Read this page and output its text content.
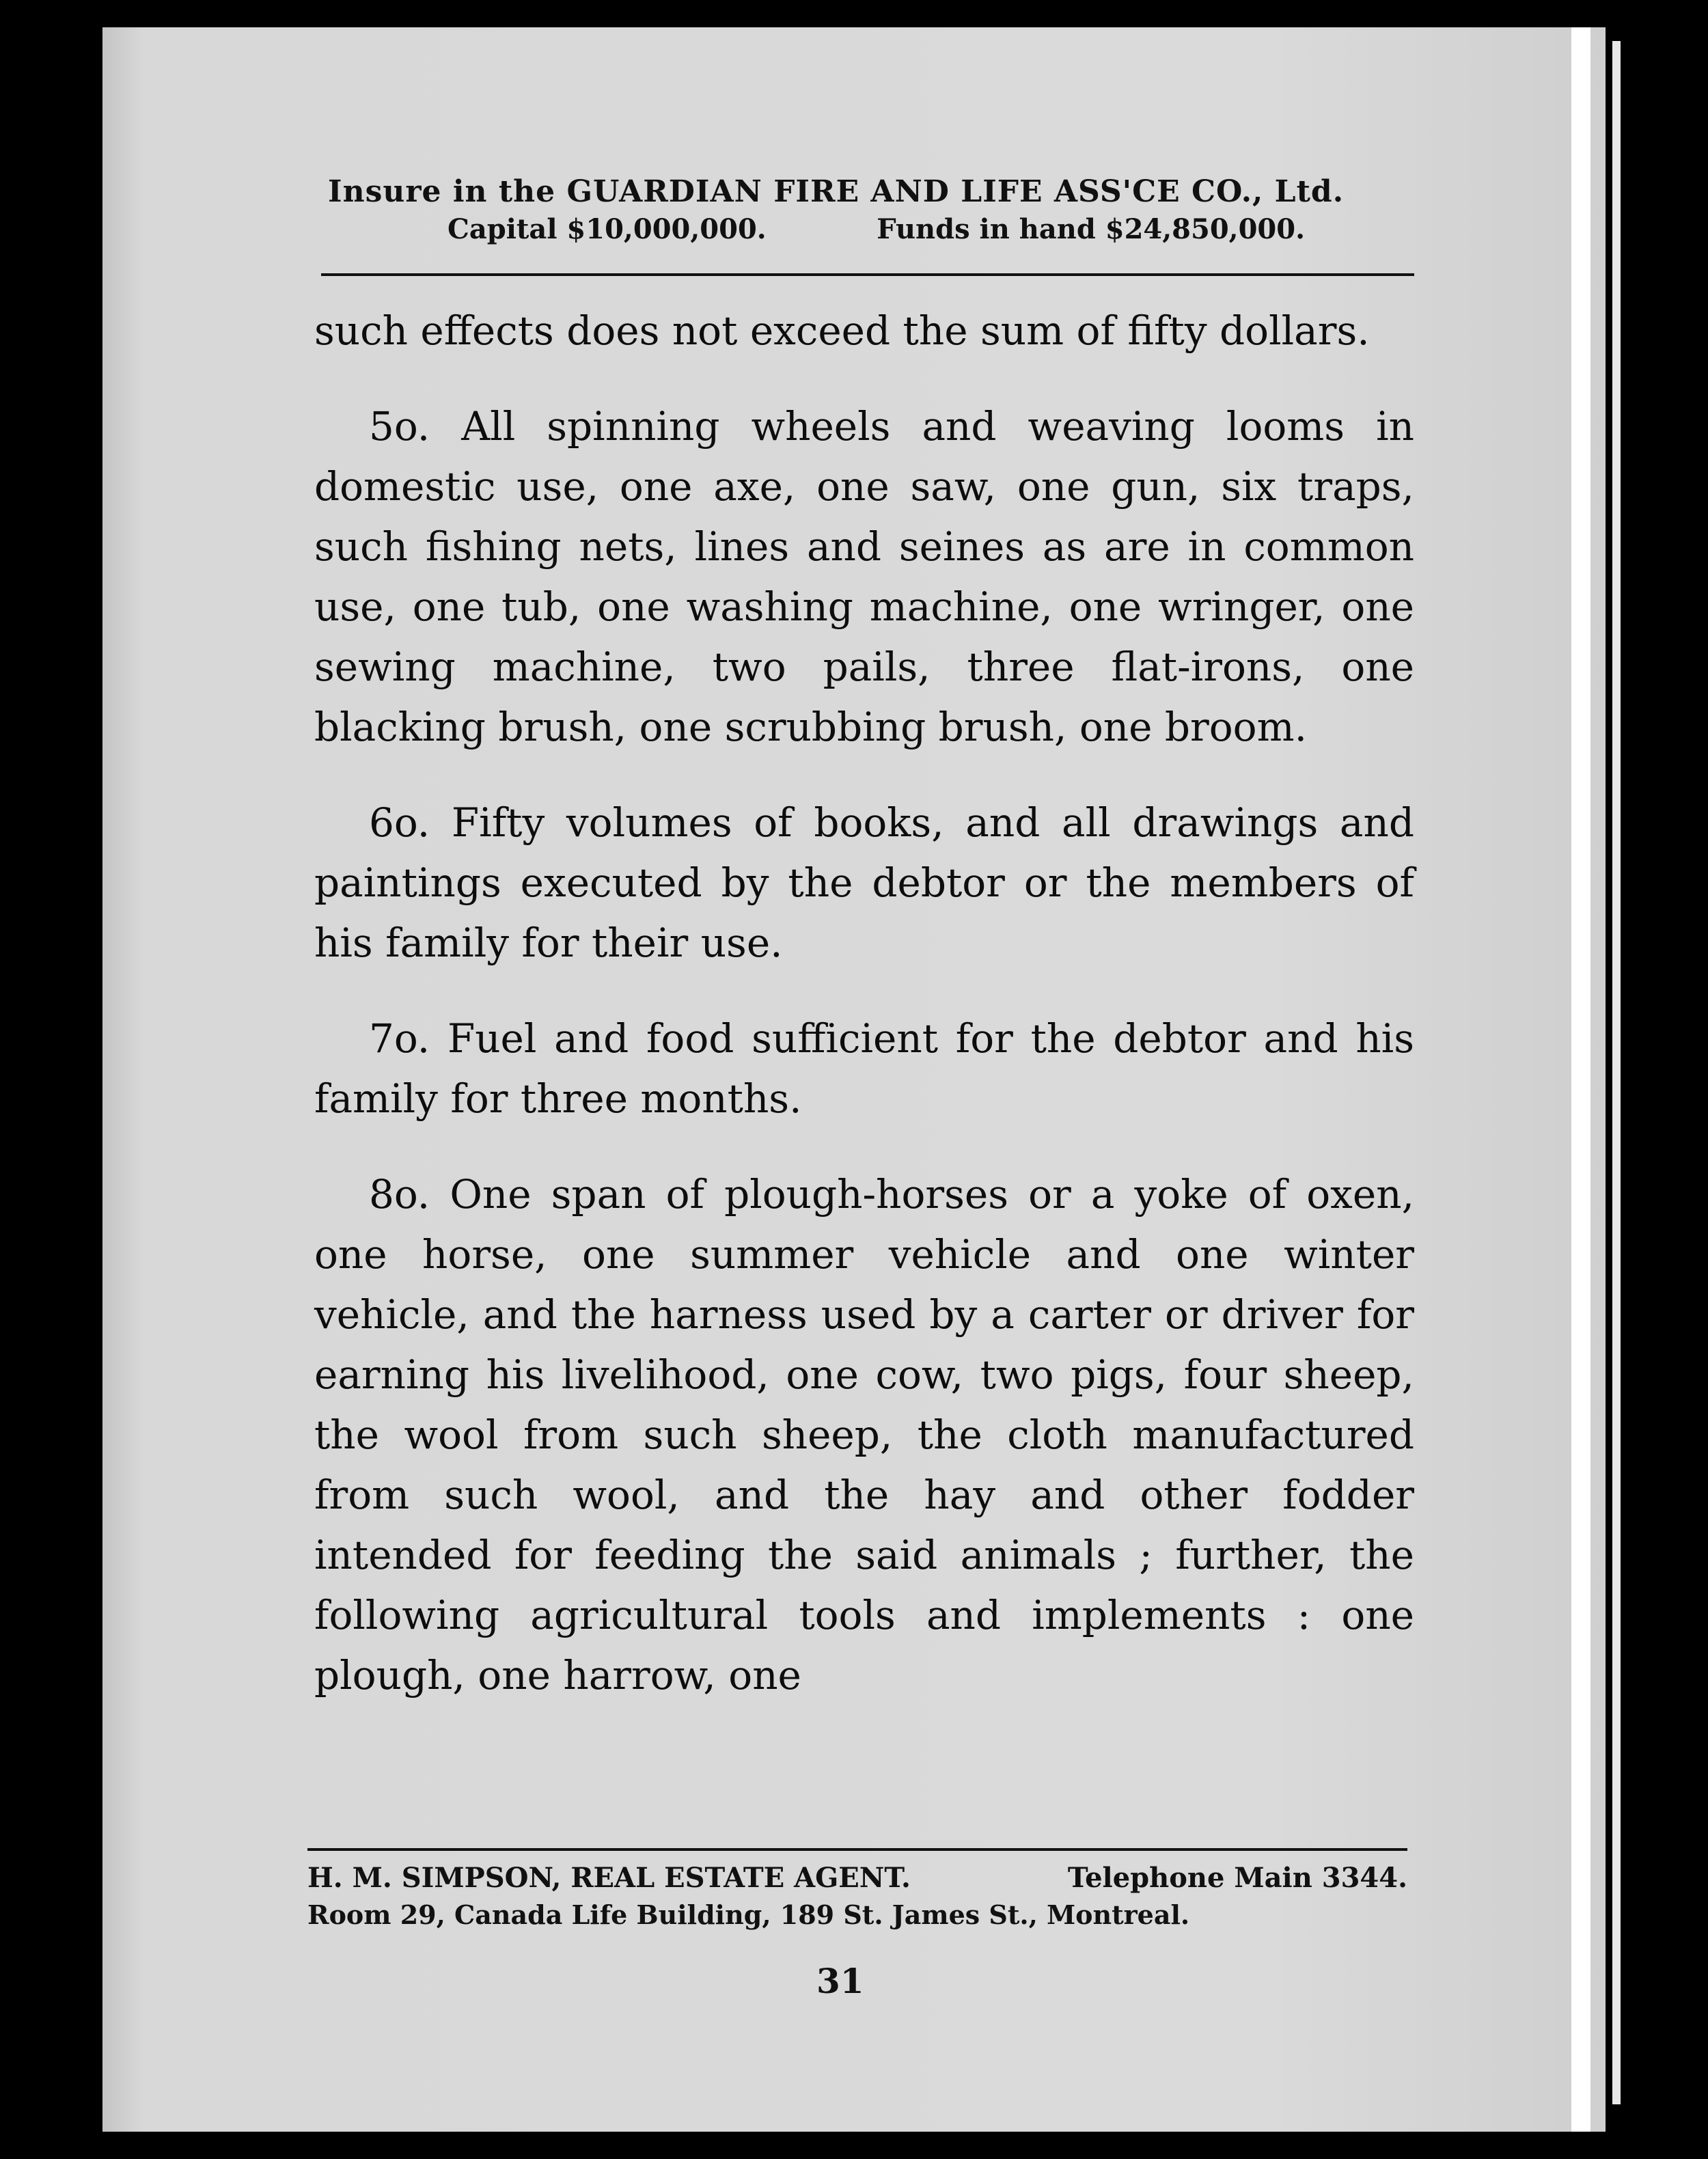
Insure in the GUARDIAN FIRE AND LIFE ASS'CE CO., Ltd.
Capital $10,000,000.	Funds in hand $24,850,000.

such effects does not exceed the sum of fifty dollars.

5o. All spinning wheels and weaving looms in domestic use, one axe, one saw, one gun, six traps, such fishing nets, lines and seines as are in common use, one tub, one washing machine, one wringer, one sewing machine, two pails, three flat-irons, one blacking brush, one scrubbing brush, one broom.

6o. Fifty volumes of books, and all drawings and paintings executed by the debtor or the members of his family for their use.

7o. Fuel and food sufficient for the debtor and his family for three months.

8o. One span of plough-horses or a yoke of oxen, one horse, one summer vehicle and one winter vehicle, and the harness used by a carter or driver for earning his livelihood, one cow, two pigs, four sheep, the wool from such sheep, the cloth manufactured from such wool, and the hay and other fodder intended for feeding the said animals ; further, the following agricultural tools and implements : one plough, one harrow, one

H. M. SIMPSON, REAL ESTATE AGENT.	Telephone Main 3344.
Room 29, Canada Life Building, 189 St. James St., Montreal.
31
